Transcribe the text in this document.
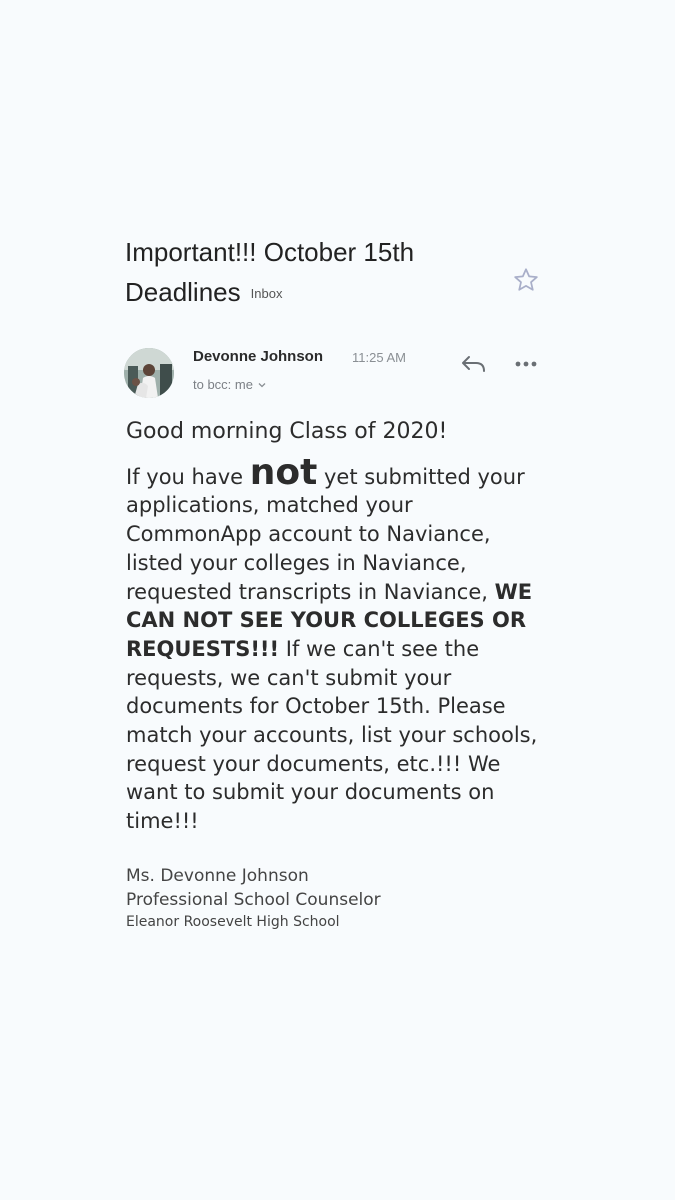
Important!!! October 15th
Deadlines Inbox
Devonne Johnson 11:25 AM
to bcc: me
Good morning Class of 2020!
If you have not yet submitted your applications, matched your CommonApp account to Naviance, listed your colleges in Naviance, requested transcripts in Naviance, WE CAN NOT SEE YOUR COLLEGES OR REQUESTS!!! If we can't see the requests, we can't submit your documents for October 15th. Please match your accounts, list your schools, request your documents, etc.!!! We want to submit your documents on time!!!
Ms. Devonne Johnson
Professional School Counselor
Eleanor Roosevelt High School
